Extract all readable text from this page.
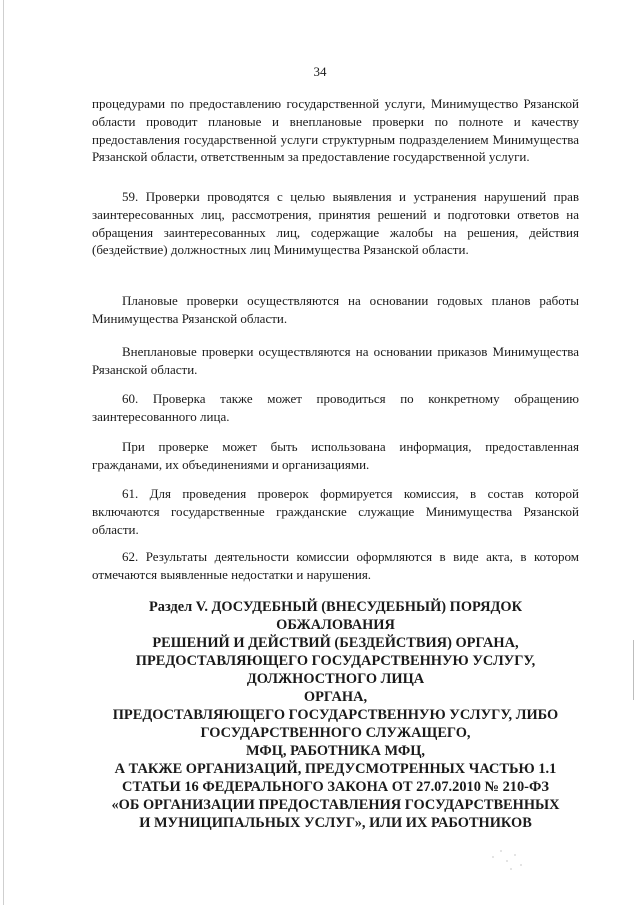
34

процедурами по предоставлению государственной услуги, Минимущество Рязанской области проводит плановые и внеплановые проверки по полноте и качеству предоставления государственной услуги структурным подразделением Минимущества Рязанской области, ответственным за предоставление государственной услуги.

59. Проверки проводятся с целью выявления и устранения нарушений прав заинтересованных лиц, рассмотрения, принятия решений и подготовки ответов на обращения заинтересованных лиц, содержащие жалобы на решения, действия (бездействие) должностных лиц Минимущества Рязанской области.

Плановые проверки осуществляются на основании годовых планов работы Минимущества Рязанской области.

Внеплановые проверки осуществляются на основании приказов Минимущества Рязанской области.

60. Проверка также может проводиться по конкретному обращению заинтересованного лица.

При проверке может быть использована информация, предоставленная гражданами, их объединениями и организациями.

61. Для проведения проверок формируется комиссия, в состав которой включаются государственные гражданские служащие Минимущества Рязанской области.

62. Результаты деятельности комиссии оформляются в виде акта, в котором отмечаются выявленные недостатки и нарушения.

Раздел V. ДОСУДЕБНЫЙ (ВНЕСУДЕБНЫЙ) ПОРЯДОК
ОБЖАЛОВАНИЯ
РЕШЕНИЙ И ДЕЙСТВИЙ (БЕЗДЕЙСТВИЯ) ОРГАНА,
ПРЕДОСТАВЛЯЮЩЕГО ГОСУДАРСТВЕННУЮ УСЛУГУ,
ДОЛЖНОСТНОГО ЛИЦА
ОРГАНА,
ПРЕДОСТАВЛЯЮЩЕГО ГОСУДАРСТВЕННУЮ УСЛУГУ, ЛИБО
ГОСУДАРСТВЕННОГО СЛУЖАЩЕГО,
МФЦ, РАБОТНИКА МФЦ,
А ТАКЖЕ ОРГАНИЗАЦИЙ, ПРЕДУСМОТРЕННЫХ ЧАСТЬЮ 1.1
СТАТЬИ 16 ФЕДЕРАЛЬНОГО ЗАКОНА ОТ 27.07.2010 № 210-ФЗ
«ОБ ОРГАНИЗАЦИИ ПРЕДОСТАВЛЕНИЯ ГОСУДАРСТВЕННЫХ
И МУНИЦИПАЛЬНЫХ УСЛУГ», ИЛИ ИХ РАБОТНИКОВ
